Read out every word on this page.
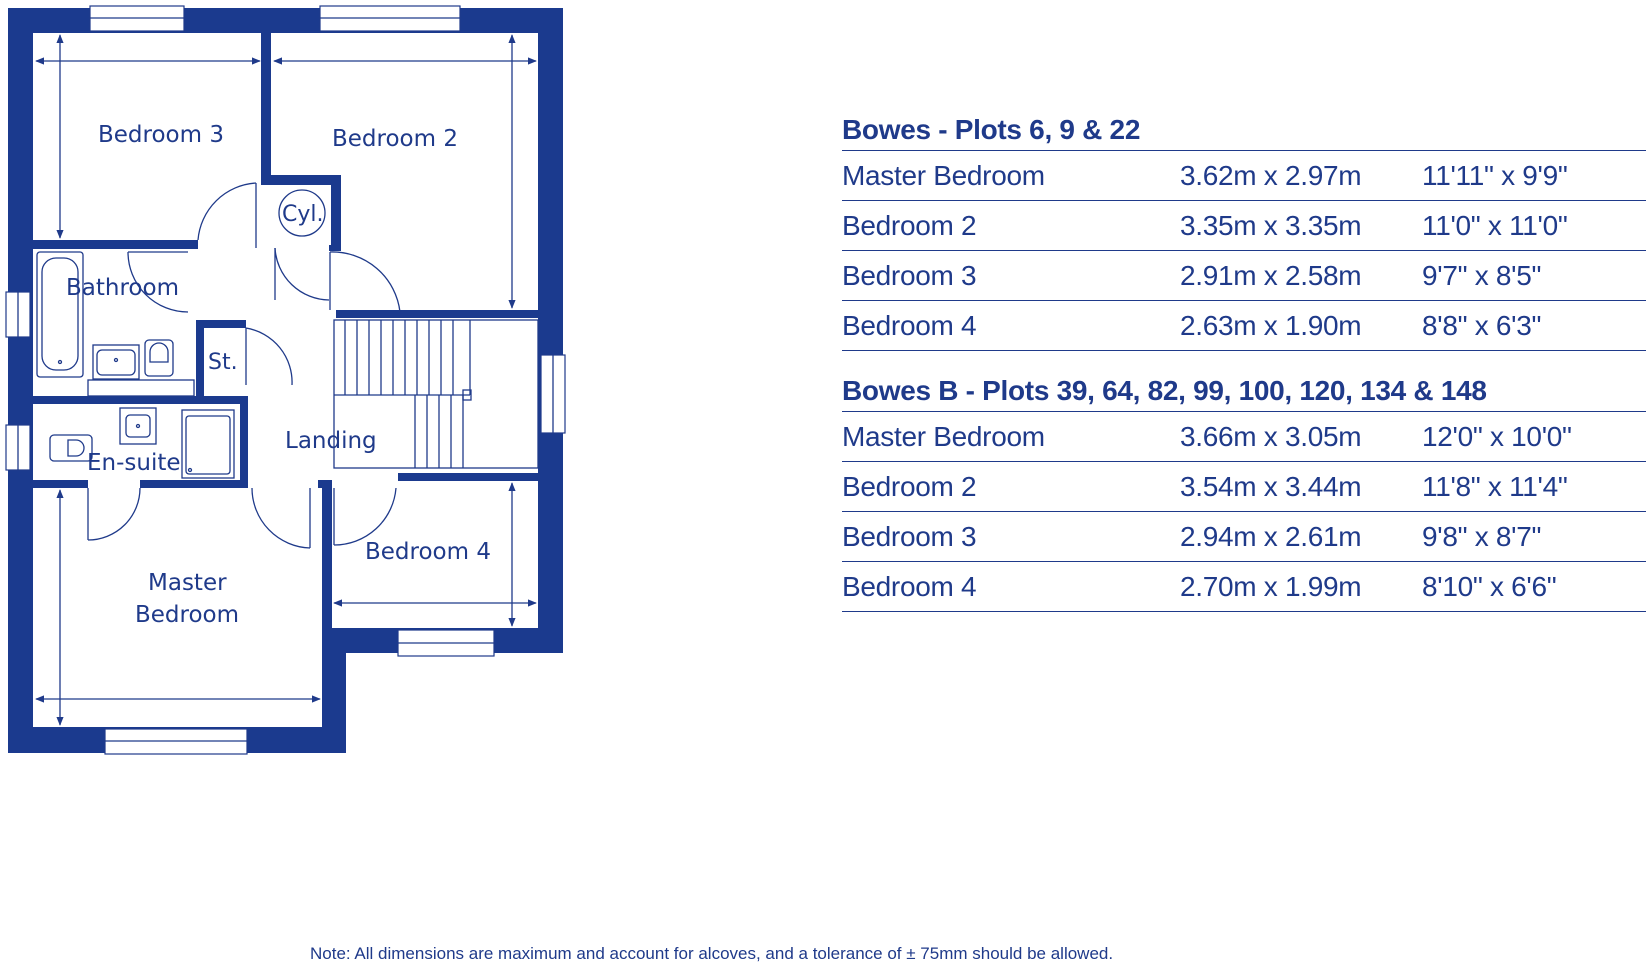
Bedroom 3	Bedroom 2
Cyl.
Bathroom
St.
Landing
En-suite
Master
Bedroom
Bedroom 4
Bowes - Plots 6, 9 & 22
Master Bedroom	3.62m x 2.97m 11'11" x 9'9"
Bedroom 2	3.35m x 3.35m 11'0" x 11'0"
Bedroom 3	2.91m x 2.58m 9'7" x 8'5"
Bedroom 4	2.63m x 1.90m 8'8" x 6'3"
Bowes B - Plots 39, 64, 82, 99, 100, 120, 134 & 148
Master Bedroom	3.66m x 3.05m 12'0" x 10'0"
Bedroom 2	3.54m x 3.44m 11'8" x 11'4"
Bedroom 3	2.94m x 2.61m 9'8" x 8'7"
Bedroom 4	2.70m x 1.99m 8'10" x 6'6"
Note: All dimensions are maximum and account for alcoves, and a tolerance of ± 75mm should be allowed.
